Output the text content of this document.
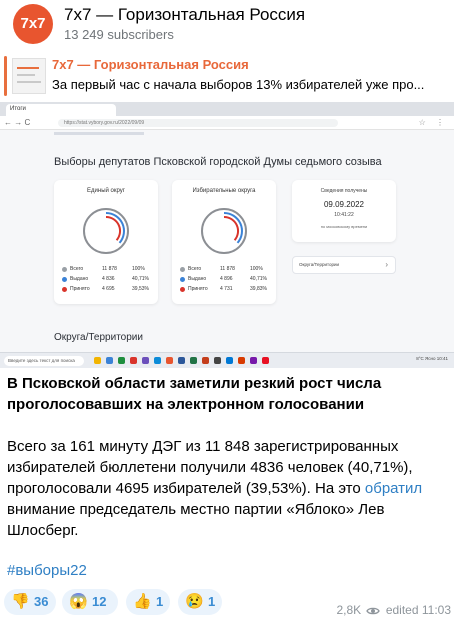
7x7	7x7 — Горизонтальная Россия
13 249 subscribers
7x7 — Горизонтальная Россия
За первый час с начала выборов 13% избирателей уже про...
Итоги
← → C	https://stat.vybory.gov.ru/2022/09/09	☆ ⋮
Выборы депутатов Псковской городской Думы седьмого созыва
Единый округ
Всего	11 878	100%
Выдано	4 836	40,71%
Принято 4 695	39,53%
Избирательные округа
Всего	11 878	100%
Выдано	4 896	40,71%
Принято 4 731	39,83%
Сведения получены
09.09.2022
10:41:22
по московскому времени
Округа/Территории	›
Округа/Территории
Введите здесь текст для поиска	8°C Ясно 10:41
В Псковской области заметили резкий рост числа проголосовавших на электронном голосовании
Всего за 161 минуту ДЭГ из 11 848 зарегистрированных избирателей бюллетени получили 4836 человек (40,71%), проголосовали 4695 избирателей (39,53%). На это обратил внимание председатель местно партии «Яблоко» Лев Шлосберг.
#выборы22
👎 36 😱 12 👍 1 😢 1
2,8K edited 11:03
